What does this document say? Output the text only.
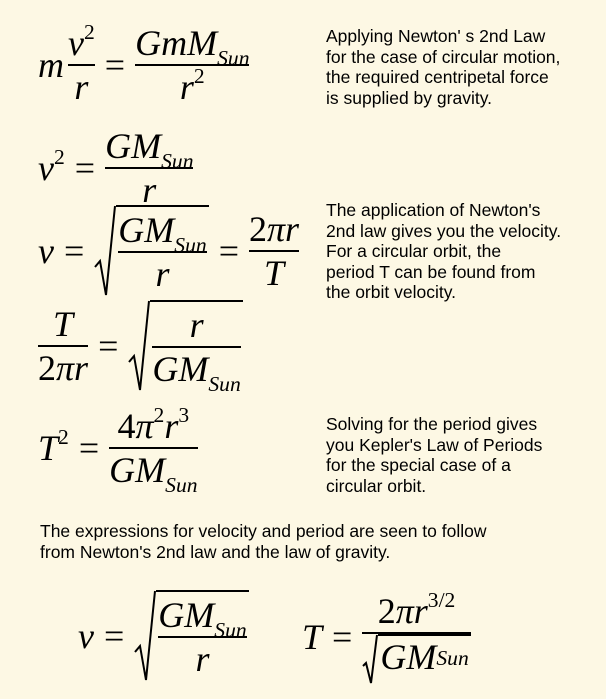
m $\frac{v^2}{r} = \frac{GmM_{Sun}}{r^2}$	Applying Newton' s 2nd Law
for the case of circular motion,
the required centripetal force
is supplied by gravity.
$v^2 = \frac{GM_{Sun}}{r}$
$v = \frac{GM_{Sun}}{r} = \frac{2\pi r}{T}$ The application of Newton's
2nd law gives you the velocity.
For a circular orbit, the
period T can be found from
the orbit velocity.
$\frac{T}{2\pi r} = \frac{r}{GM_{Sun}}$
$T^2 = \frac{4\pi^2r^3}{GM_{Sun}}$	Solving for the period gives
you Kepler's Law of Periods
for the special case of a
circular orbit.
The expressions for velocity and period are seen to follow
from Newton's 2nd law and the law of gravity.
$v = \frac{GM_{Sun}}{r}$ $T = \frac{2\pi r^{3/2}}{\text{G M Sun}}$
